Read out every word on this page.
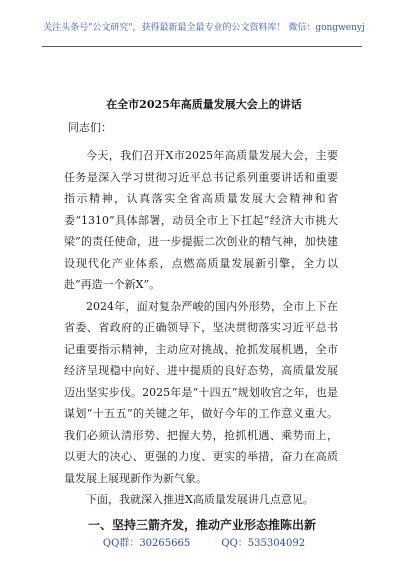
关注头条号"公文研究"，获得最新最全最专业的公文资料库！ 微信：gongwenyj
在全市2025年高质量发展大会上的讲话
同志们：

今天，我们召开X市2025年高质量发展大会，主要任务是深入学习贯彻习近平总书记系列重要讲话和重要指示精神，认真落实全省高质量发展大会精神和省委“1310”具体部署，动员全市上下扛起“经济大市挑大梁”的责任使命，进一步提振二次创业的精气神，加快建设现代化产业体系，点燃高质量发展新引擎，全力以赴“再造一个新X”。

2024年，面对复杂严峻的国内外形势，全市上下在省委、省政府的正确领导下，坚决贯彻落实习近平总书记重要指示精神，主动应对挑战、抢抓发展机遇，全市经济呈现稳中向好、进中提质的良好态势，高质量发展迈出坚实步伐。2025年是“十四五”规划收官之年，也是谋划“十五五”的关键之年，做好今年的工作意义重大。我们必须认清形势、把握大势，抢抓机遇、乘势而上，以更大的决心、更强的力度、更实的举措，奋力在高质量发展上展现新作为新气象。

下面，我就深入推进X高质量发展讲几点意见。

一、坚持三箭齐发，推动产业形态推陈出新
QQ群：30265665	QQ：535304092
